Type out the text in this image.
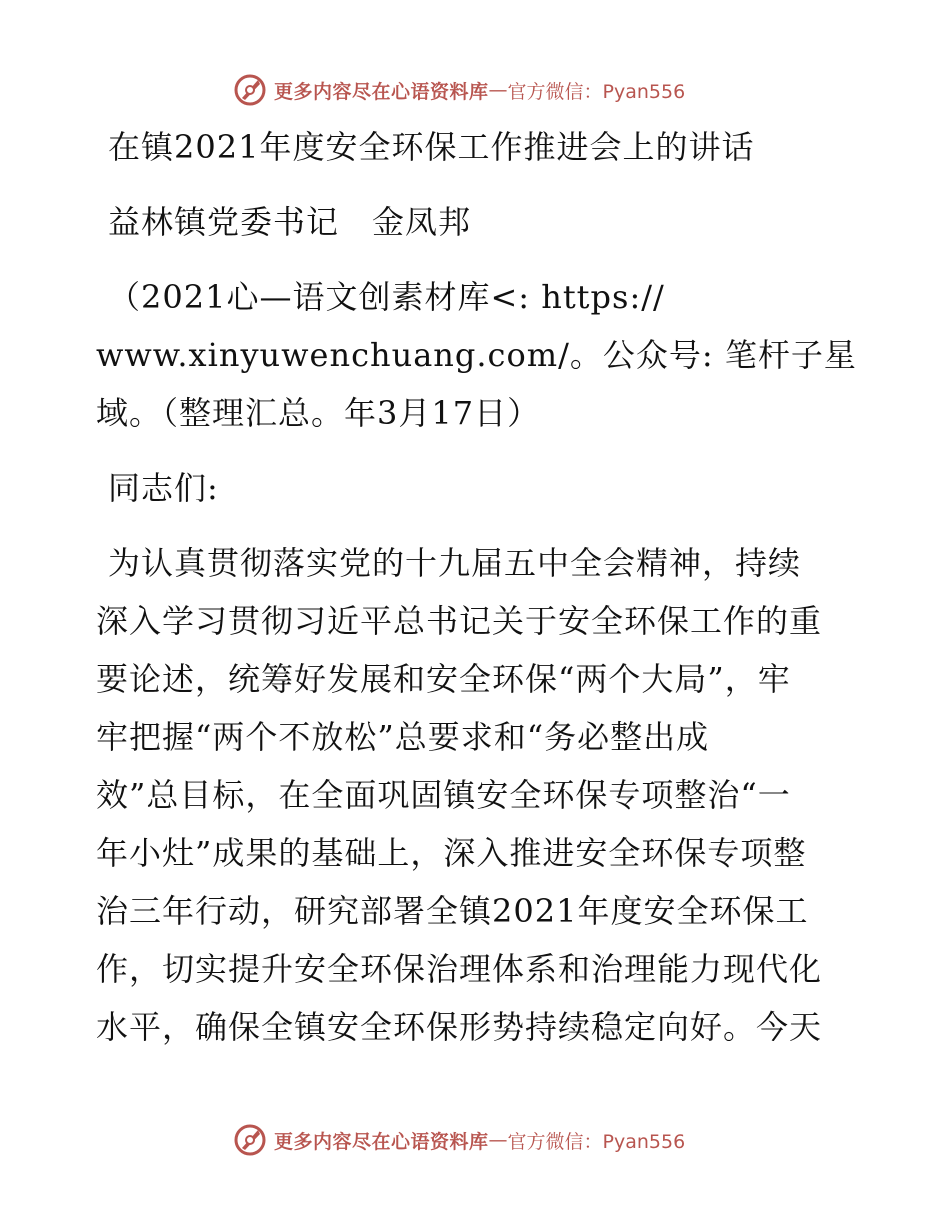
更多内容尽在心语资料库 — 官方微信：Pyan556
在镇2021年度安全环保工作推进会上的讲话

益林镇党委书记　金凤邦

（2021心—语文创素材库<: https://

www.xinyuwenchuang.com/。公众号: 笔杆子星

域。（整理汇总。年3月17日）

同志们:

为认真贯彻落实党的十九届五中全会精神，持续

深入学习贯彻习近平总书记关于安全环保工作的重

要论述，统筹好发展和安全环保“两个大局”，牢

牢把握“两个不放松”总要求和“务必整出成

效”总目标，在全面巩固镇安全环保专项整治“一

年小灶”成果的基础上，深入推进安全环保专项整

治三年行动，研究部署全镇2021年度安全环保工

作，切实提升安全环保治理体系和治理能力现代化

水平，确保全镇安全环保形势持续稳定向好。今天

更多内容尽在心语资料库 — 官方微信：Pyan556
